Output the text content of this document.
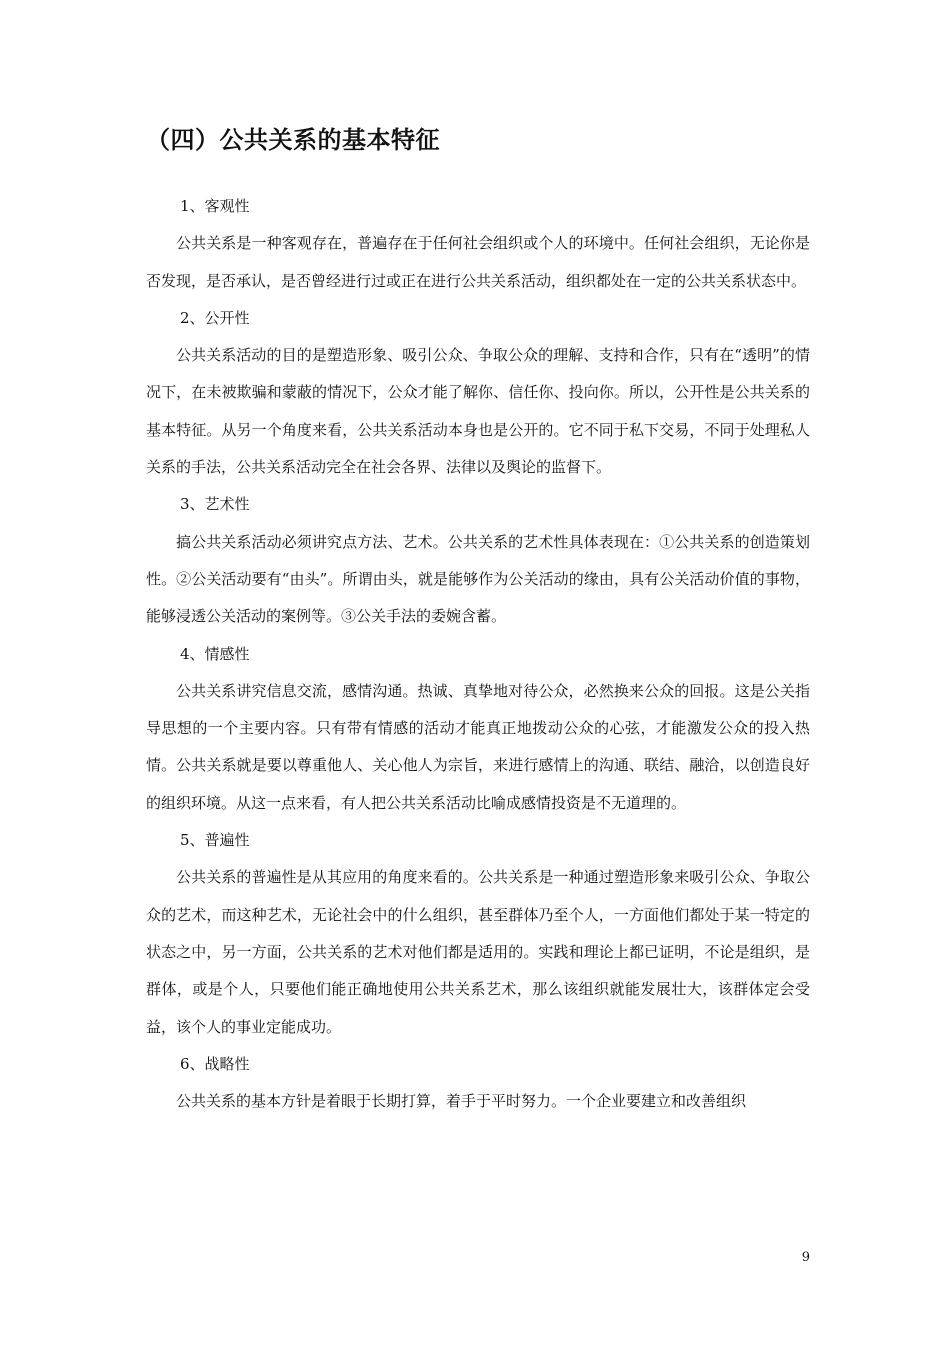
（四）公共关系的基本特征

1、客观性

公共关系是一种客观存在，普遍存在于任何社会组织或个人的环境中。任何社会组织，无论你是否发现，是否承认，是否曾经进行过或正在进行公共关系活动，组织都处在一定的公共关系状态中。

2、公开性

公共关系活动的目的是塑造形象、吸引公众、争取公众的理解、支持和合作，只有在“透明”的情况下，在未被欺骗和蒙蔽的情况下，公众才能了解你、信任你、投向你。所以，公开性是公共关系的基本特征。从另一个角度来看，公共关系活动本身也是公开的。它不同于私下交易，不同于处理私人关系的手法，公共关系活动完全在社会各界、法律以及舆论的监督下。

3、艺术性

搞公共关系活动必须讲究点方法、艺术。公共关系的艺术性具体表现在：①公共关系的创造策划性。②公关活动要有“由头”。所谓由头，就是能够作为公关活动的缘由，具有公关活动价值的事物，能够浸透公关活动的案例等。③公关手法的委婉含蓄。

4、情感性

公共关系讲究信息交流，感情沟通。热诚、真挚地对待公众，必然换来公众的回报。这是公关指导思想的一个主要内容。只有带有情感的活动才能真正地拨动公众的心弦，才能激发公众的投入热情。公共关系就是要以尊重他人、关心他人为宗旨，来进行感情上的沟通、联结、融洽，以创造良好的组织环境。从这一点来看，有人把公共关系活动比喻成感情投资是不无道理的。

5、普遍性

公共关系的普遍性是从其应用的角度来看的。公共关系是一种通过塑造形象来吸引公众、争取公众的艺术，而这种艺术，无论社会中的什么组织，甚至群体乃至个人，一方面他们都处于某一特定的状态之中，另一方面，公共关系的艺术对他们都是适用的。实践和理论上都已证明，不论是组织，是群体，或是个人，只要他们能正确地使用公共关系艺术，那么该组织就能发展壮大，该群体定会受益，该个人的事业定能成功。

6、战略性

公共关系的基本方针是着眼于长期打算，着手于平时努力。一个企业要建立和改善组织

9
